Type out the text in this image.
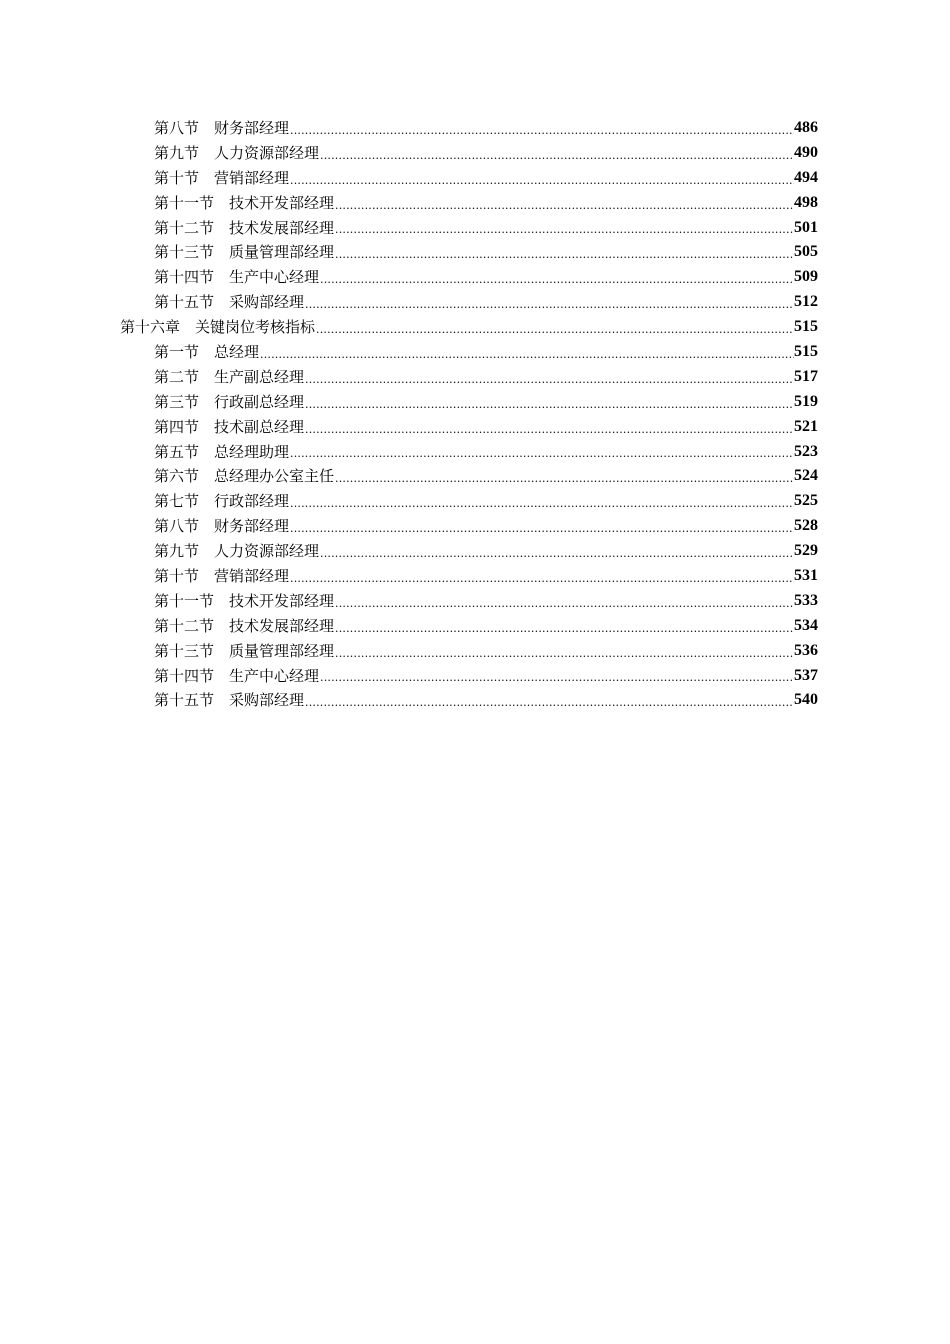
第八节　财务部经理 .....	486
第九节　人力资源部经理 .....	490
第十节　营销部经理 .....	494
第十一节　技术开发部经理 .....	498
第十二节　技术发展部经理 .....	501
第十三节　质量管理部经理 .....	505
第十四节　生产中心经理 .....	509
第十五节　采购部经理 .....	512
第十六章　关键岗位考核指标 .....	515
第一节　总经理 .....	515
第二节　生产副总经理 .....	517
第三节　行政副总经理 .....	519
第四节　技术副总经理 .....	521
第五节　总经理助理 .....	523
第六节　总经理办公室主任 .....	524
第七节　行政部经理 .....	525
第八节　财务部经理 .....	528
第九节　人力资源部经理 .....	529
第十节　营销部经理 .....	531
第十一节　技术开发部经理 .....	533
第十二节　技术发展部经理 .....	534
第十三节　质量管理部经理 .....	536
第十四节　生产中心经理 .....	537
第十五节　采购部经理 .....	540
